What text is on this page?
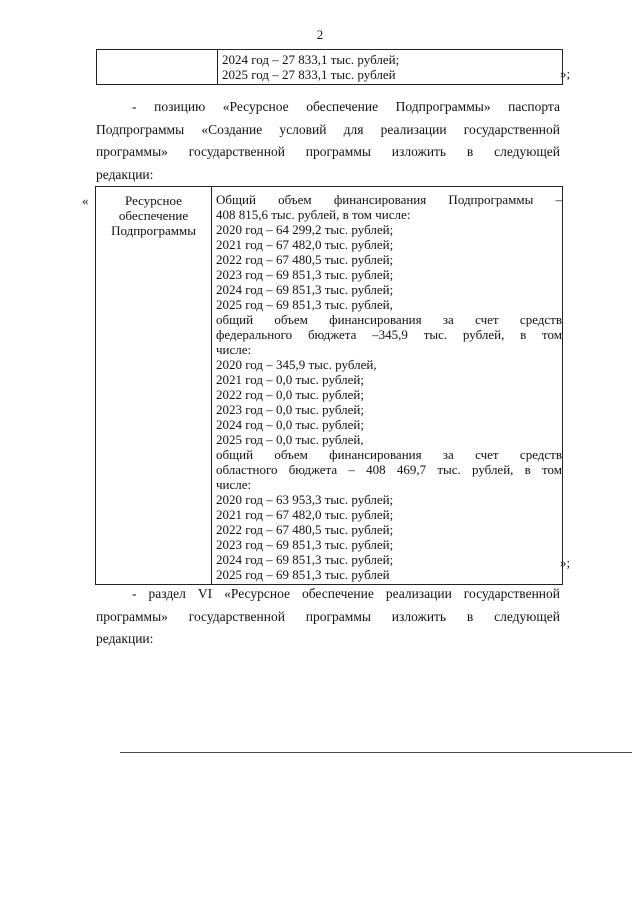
2

2024 год – 27 833,1 тыс. рублей;
2025 год – 27 833,1 тыс. рублей	»;
- позицию «Ресурсное обеспечение Подпрограммы» паспорта
Подпрограммы «Создание условий для реализации государственной
программы» государственной программы изложить в следующей
редакции:
«	Ресурсное
обеспечение
Подпрограммы

Общий объем финансирования Подпрограммы –
408 815,6 тыс. рублей, в том числе:
2020 год – 64 299,2 тыс. рублей;
2021 год – 67 482,0 тыс. рублей;
2022 год – 67 480,5 тыс. рублей;
2023 год – 69 851,3 тыс. рублей;
2024 год – 69 851,3 тыс. рублей;
2025 год – 69 851,3 тыс. рублей,
общий объем финансирования за счет средств
федерального бюджета –345,9 тыс. рублей, в том
числе:
2020 год – 345,9 тыс. рублей,
2021 год – 0,0 тыс. рублей;
2022 год – 0,0 тыс. рублей;
2023 год – 0,0 тыс. рублей;
2024 год – 0,0 тыс. рублей;
2025 год – 0,0 тыс. рублей,
общий объем финансирования за счет средств
областного бюджета – 408 469,7 тыс. рублей, в том
числе:
2020 год – 63 953,3 тыс. рублей;
2021 год – 67 482,0 тыс. рублей;
2022 год – 67 480,5 тыс. рублей;
2023 год – 69 851,3 тыс. рублей;
2024 год – 69 851,3 тыс. рублей;
2025 год – 69 851,3 тыс. рублей
»;
- раздел VI «Ресурсное обеспечение реализации государственной
программы» государственной программы изложить в следующей
редакции:
